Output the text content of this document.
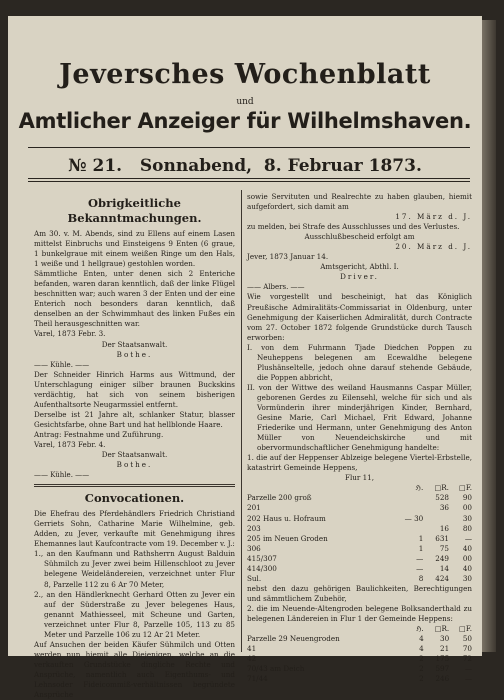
Jeversches Wochenblatt
und
Amtlicher Anzeiger für Wilhelmshaven.
№ 21. Sonnabend, 8. Februar 1873.

Obrigkeitliche Bekanntmachungen.

Am 30. v. M. Abends, sind zu Ellens auf einem Lasen mittelst Einbruchs und Einsteigens 9 Enten (6 graue, 1 bunkelgraue mit einem weißen Ringe um den Hals, 1 weiße und 1 hellgraue) gestohlen worden.

Sämmtliche Enten, unter denen sich 2 Enteriche befanden, waren daran kenntlich, daß der linke Flügel beschnitten war; auch waren 3 der Enten und der eine Enterich noch besonders daran kenntlich, daß denselben an der Schwimmhaut des linken Fußes ein Theil herausgeschnitten war.

Varel, 1873 Febr. 3.

Der Staatsanwalt.

Bothe.

—— Kühle. ——

Der Schneider Hinrich Harms aus Wittmund, der Unterschlagung einiger silber braunen Buckskins verdächtig, hat sich von seinem bisherigen Aufenthaltsorte Neugarmssiel entfernt.

Derselbe ist 21 Jahre alt, schlanker Statur, blasser Gesichtsfarbe, ohne Bart und hat hellblonde Haare.

Antrag: Festnahme und Zuführung.

Varel, 1873 Febr. 4.

Der Staatsanwalt.

Bothe.

—— Kühle. ——

Convocationen.

Die Ehefrau des Pferdehändlers Friedrich Christiand Gerriets Sohn, Catharine Marie Wilhelmine, geb. Adden, zu Jever, verkaufte mit Genehmigung ihres Ehemannes laut Kaufcontracte vom 19. December v. J.:

1., an den Kaufmann und Rathsherrn August Balduin Sühmilch zu Jever zwei beim Hillenschloot zu Jever belegene Weideländereien, verzeichnet unter Flur 8, Parzelle 112 zu 6 Ar 70 Meter,

2., an den Händlerknecht Gerhard Otten zu Jever ein auf der Süderstraße zu Jever belegenes Haus, genannt Mathiesseel, mit Scheune und Garten, verzeichnet unter Flur 8, Parzelle 105, 113 zu 85 Meter und Parzelle 106 zu 12 Ar 21 Meter.

Auf Ansuchen der beiden Käufer Sühmilch und Otten werden nun hiemit alle Diejenigen, welche an die verkauften Grundstücke dingliche Rechte und Ansprüche, namentlich auch Eigenthums- und Lehnsoder Fideicommiß-verhältnissen begründete Ansprüche

sowie Servituten und Realrechte zu haben glauben, hiemit aufgefordert, sich damit am

17. März d. J.

zu melden, bei Strafe des Ausschlusses und des Verlustes.

Ausschlußbescheid erfolgt am

20. März d. J.

Jever, 1873 Januar 14.

Amtsgericht, Abthl. I.

Driver.

—— Albers. ——

Wie vorgestellt und bescheinigt, hat das Königlich Preußische Admiralitäts-Commissariat in Oldenburg, unter Genehmigung der Kaiserlichen Admiralität, durch Contracte vom 27. October 1872 folgende Grundstücke durch Tausch erworben:

I. von dem Fuhrmann Tjade Diedchen Poppen zu Neuheppens belegenen am Ecewaldhe belegene Plushänseltelle, jedoch ohne darauf stehende Gebäude, die Poppen abbricht,

II. von der Wittwe des weiland Hausmanns Caspar Müller, geborenen Gerdes zu Eilensehl, welche für sich und als Vormünderin ihrer minderjährigen Kinder, Bernhard, Gesine Marie, Carl Michael, Frit Edward, Johanne Friederike und Hermann, unter Genehmigung des Anton Müller von Neuendeichskirche und mit obervormundschaftlicher Genehmigung handelte:

1. die auf der Heppenser Ablzeige belegene Viertel-Erbstelle, katastrirt Gemeinde Heppens,

Flur 11,

	ℌ.	□R.	□F.
Parzelle 200 groß		528	90
201		36	00
202 Haus u. Hofraum	— 30		30
203		16	80
205 im Neuen Groden	1	631	—
306	1	75	40
415/307	—	249	00
414/300	—	14	40
Sul.	8	424	30

nebst den dazu gehörigen Baulichkeiten, Berechtigungen und sämmtlichem Zubehör,

2. die im Neuende-Altengroden belegene Bolksanderthald zu belegenen Ländereien in Flur 1 der Gemeinde Heppens:

	ℌ.	□R.	□F.
Parzelle 29 Neuengroden	4	30	50
41	4	21	70
42	2	175	72
70/43 am Deich	2	597	—
71/44	2	246	—
